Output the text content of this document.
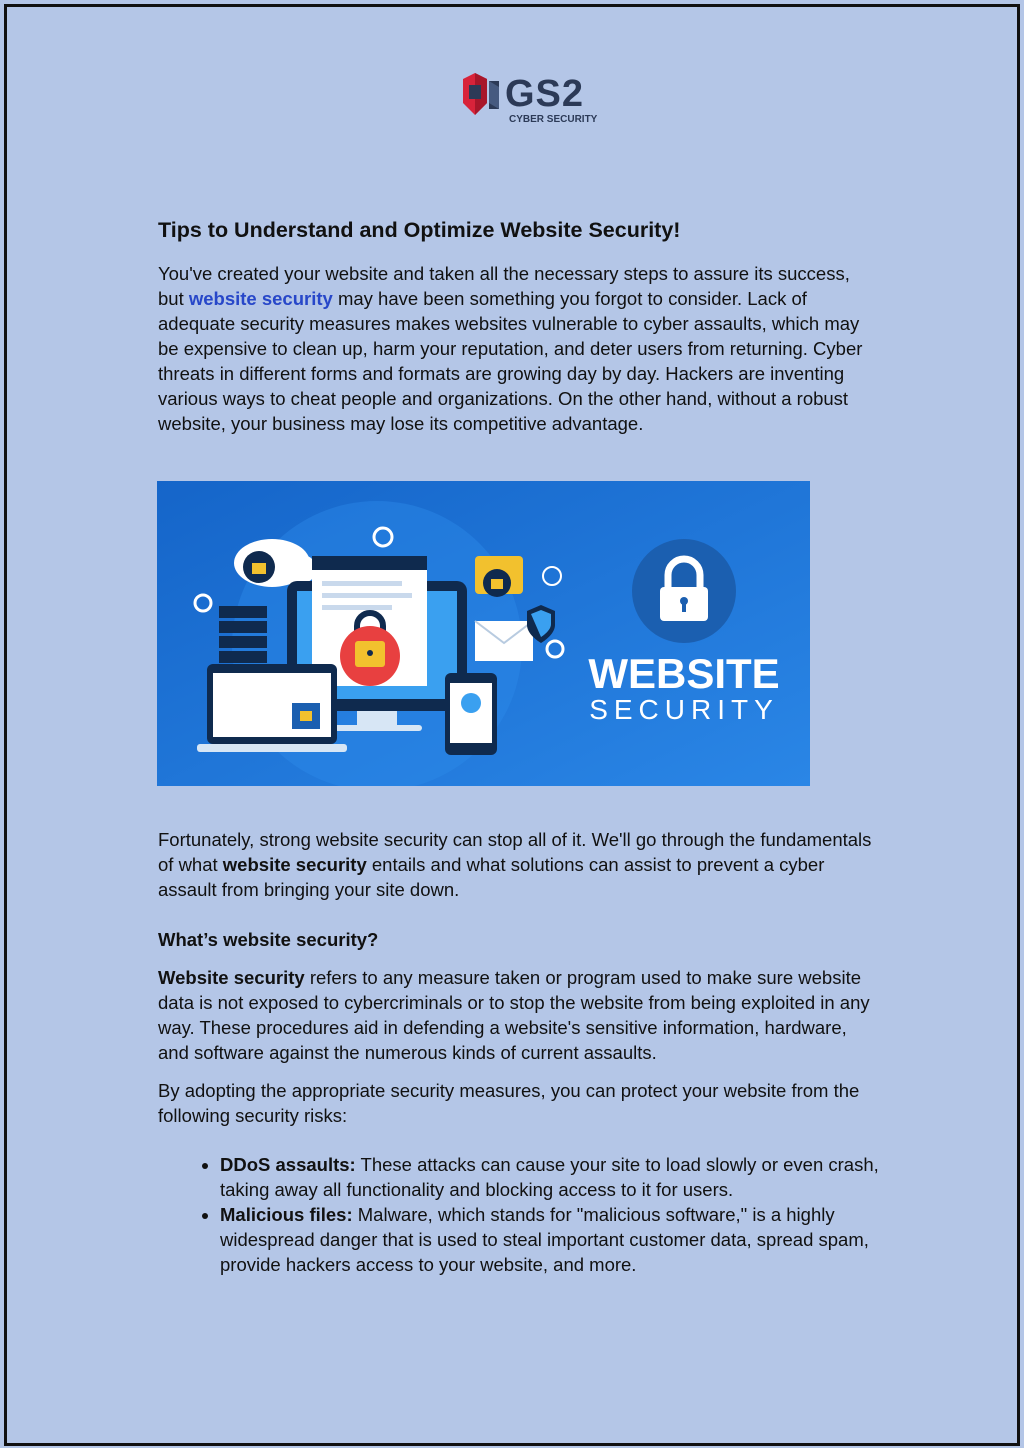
GS2
CYBER SECURITY
Tips to Understand and Optimize Website Security!

You've created your website and taken all the necessary steps to assure its success, but website security may have been something you forgot to consider. Lack of adequate security measures makes websites vulnerable to cyber assaults, which may be expensive to clean up, harm your reputation, and deter users from returning. Cyber threats in different forms and formats are growing day by day. Hackers are inventing various ways to cheat people and organizations. On the other hand, without a robust website, your business may lose its competitive advantage.

WEBSITE
SECURITY

Fortunately, strong website security can stop all of it. We'll go through the fundamentals of what website security entails and what solutions can assist to prevent a cyber assault from bringing your site down.

What’s website security?

Website security refers to any measure taken or program used to make sure website data is not exposed to cybercriminals or to stop the website from being exploited in any way. These procedures aid in defending a website's sensitive information, hardware, and software against the numerous kinds of current assaults.

By adopting the appropriate security measures, you can protect your website from the following security risks:

• DDoS assaults: These attacks can cause your site to load slowly or even crash, taking away all functionality and blocking access to it for users.
• Malicious files: Malware, which stands for "malicious software," is a highly widespread danger that is used to steal important customer data, spread spam, provide hackers access to your website, and more.
